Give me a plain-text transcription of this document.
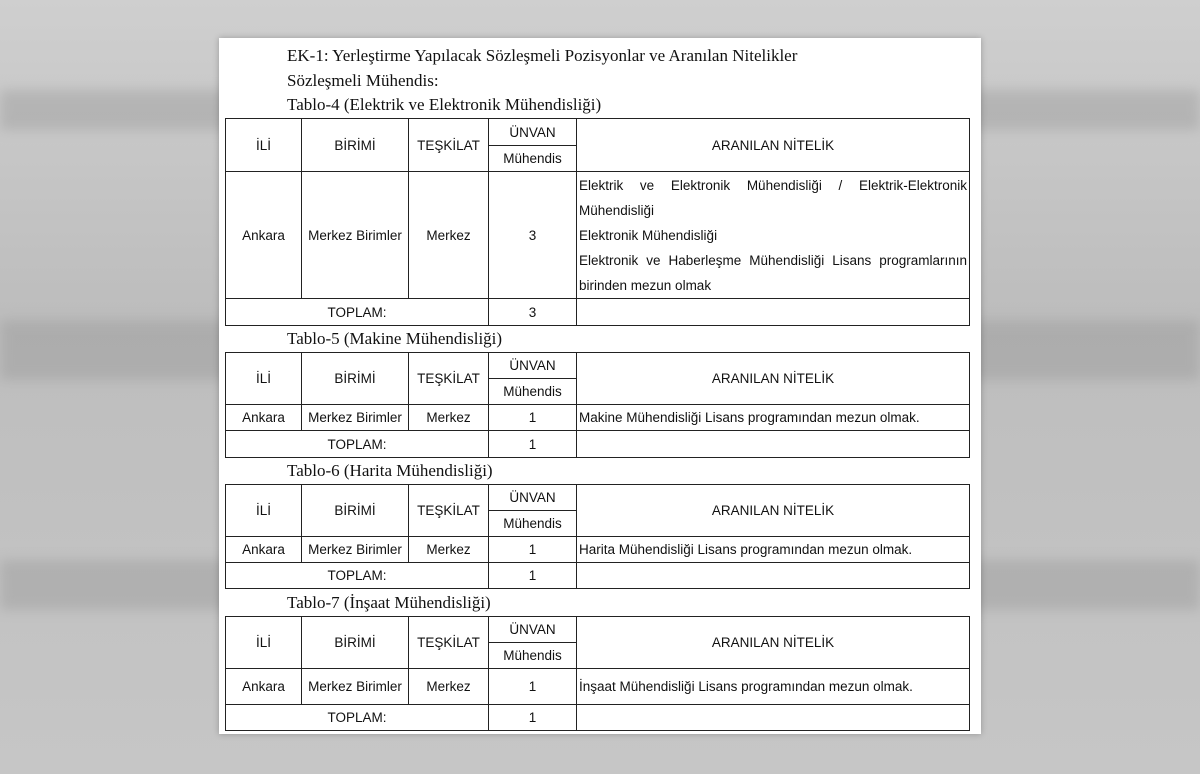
EK-1: Yerleştirme Yapılacak Sözleşmeli Pozisyonlar ve Aranılan Nitelikler
Sözleşmeli Mühendis:
Tablo-4 (Elektrik ve Elektronik Mühendisliği)
İLİ	BİRİMİ	TEŞKİLAT	ÜNVAN	ARANILAN NİTELİK
			Mühendis	
Ankara	Merkez Birimler	Merkez	3	Elektrik ve Elektronik Mühendisliği / Elektrik-Elektronik
Mühendisliği
Elektronik Mühendisliği
Elektronik ve Haberleşme Mühendisliği Lisans programlarının
birinden mezun olmak

TOPLAM:			3	
Tablo-5 (Makine Mühendisliği)
İLİ	BİRİMİ	TEŞKİLAT	ÜNVAN	ARANILAN NİTELİK
			Mühendis	
Ankara	Merkez Birimler	Merkez	1	Makine Mühendisliği Lisans programından mezun olmak.
TOPLAM:			1	
Tablo-6 (Harita Mühendisliği)
İLİ	BİRİMİ	TEŞKİLAT	ÜNVAN	ARANILAN NİTELİK
			Mühendis	
Ankara	Merkez Birimler	Merkez	1	Harita Mühendisliği Lisans programından mezun olmak.
TOPLAM:			1	
Tablo-7 (İnşaat Mühendisliği)
İLİ	BİRİMİ	TEŞKİLAT	ÜNVAN	ARANILAN NİTELİK
			Mühendis	
Ankara	Merkez Birimler	Merkez	1	İnşaat Mühendisliği Lisans programından mezun olmak.
TOPLAM:			1	
